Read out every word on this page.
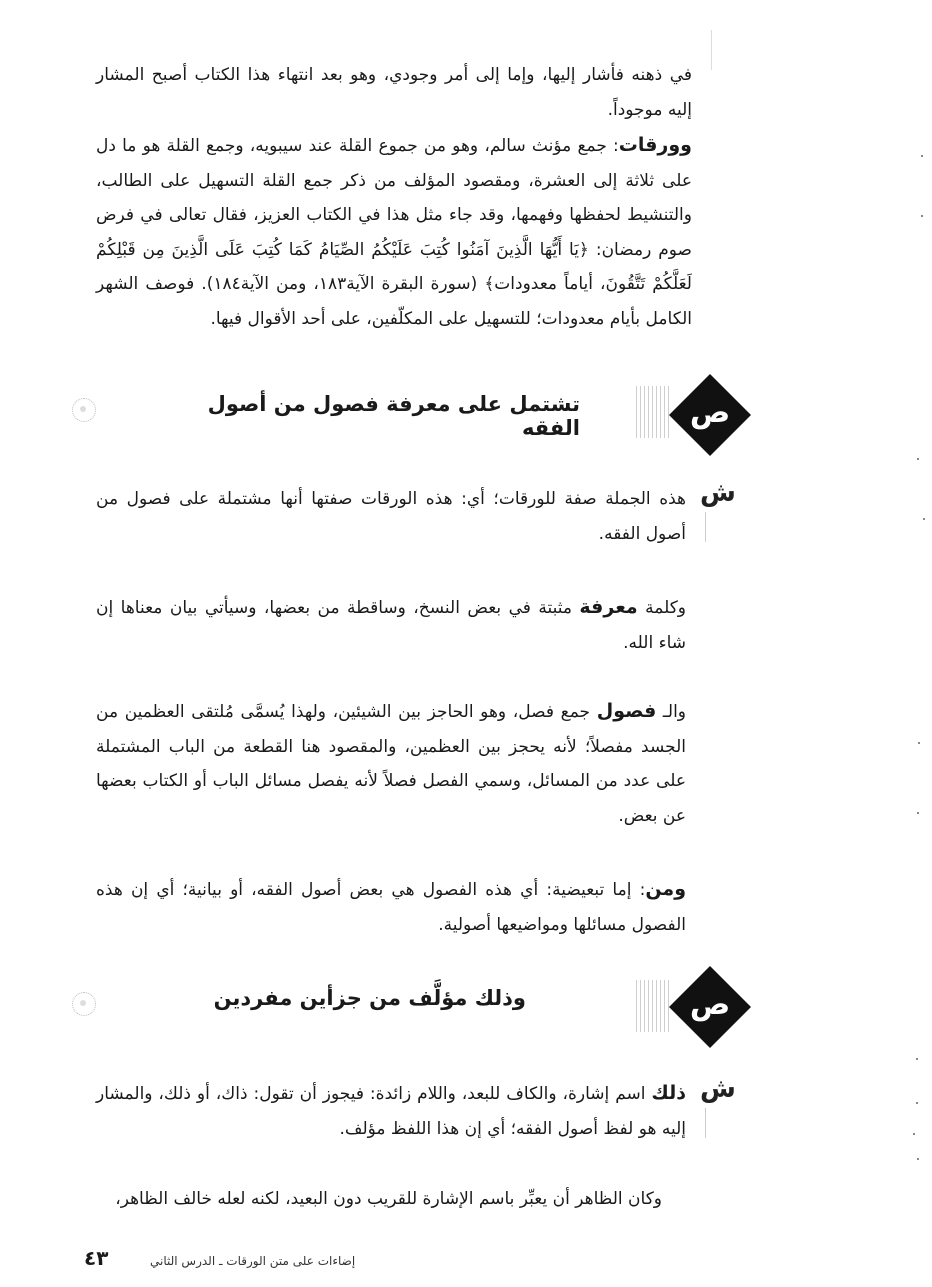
في ذهنه فأشار إليها، وإما إلى أمر وجودي، وهو بعد انتهاء هذا الكتاب أصبح المشار إليه موجوداً.
وورقات: جمع مؤنث سالم، وهو من جموع القلة عند سيبويه، وجمع القلة هو ما دل على ثلاثة إلى العشرة، ومقصود المؤلف من ذكر جمع القلة التسهيل على الطالب، والتنشيط لحفظها وفهمها، وقد جاء مثل هذا في الكتاب العزيز، فقال تعالى في فرض صوم رمضان: ﴿يَا أَيُّهَا الَّذِينَ آمَنُوا كُتِبَ عَلَيْكُمُ الصِّيَامُ كَمَا كُتِبَ عَلَى الَّذِينَ مِن قَبْلِكُمْ لَعَلَّكُمْ تَتَّقُونَ، أياماً معدودات﴾ (سورة البقرة الآية١٨٣، ومن الآية١٨٤). فوصف الشهر الكامل بأيام معدودات؛ للتسهيل على المكلّفين، على أحد الأقوال فيها.
تشتمل على معرفة فصول من أصول الفقه	ص
ش
هذه الجملة صفة للورقات؛ أي: هذه الورقات صفتها أنها مشتملة على فصول من أصول الفقه.
وكلمة معرفة مثبتة في بعض النسخ، وساقطة من بعضها، وسيأتي بيان معناها إن شاء الله.
والـ فصول جمع فصل، وهو الحاجز بين الشيئين، ولهذا يُسمَّى مُلتقى العظمين من الجسد مفصلاً؛ لأنه يحجز بين العظمين، والمقصود هنا القطعة من الباب المشتملة على عدد من المسائل، وسمي الفصل فصلاً لأنه يفصل مسائل الباب أو الكتاب بعضها عن بعض.
ومن: إما تبعيضية: أي هذه الفصول هي بعض أصول الفقه، أو بيانية؛ أي إن هذه الفصول مسائلها ومواضيعها أصولية.
وذلك مؤلَّف من جزأين مفردين	ص
ش
ذلك اسم إشارة، والكاف للبعد، واللام زائدة: فيجوز أن تقول: ذاك، أو ذلك، والمشار إليه هو لفظ أصول الفقه؛ أي إن هذا اللفظ مؤلف.
وكان الظاهر أن يعبِّر باسم الإشارة للقريب دون البعيد، لكنه لعله خالف الظاهر،
٤٣	إضاءات على متن الورقات ـ الدرس الثاني
